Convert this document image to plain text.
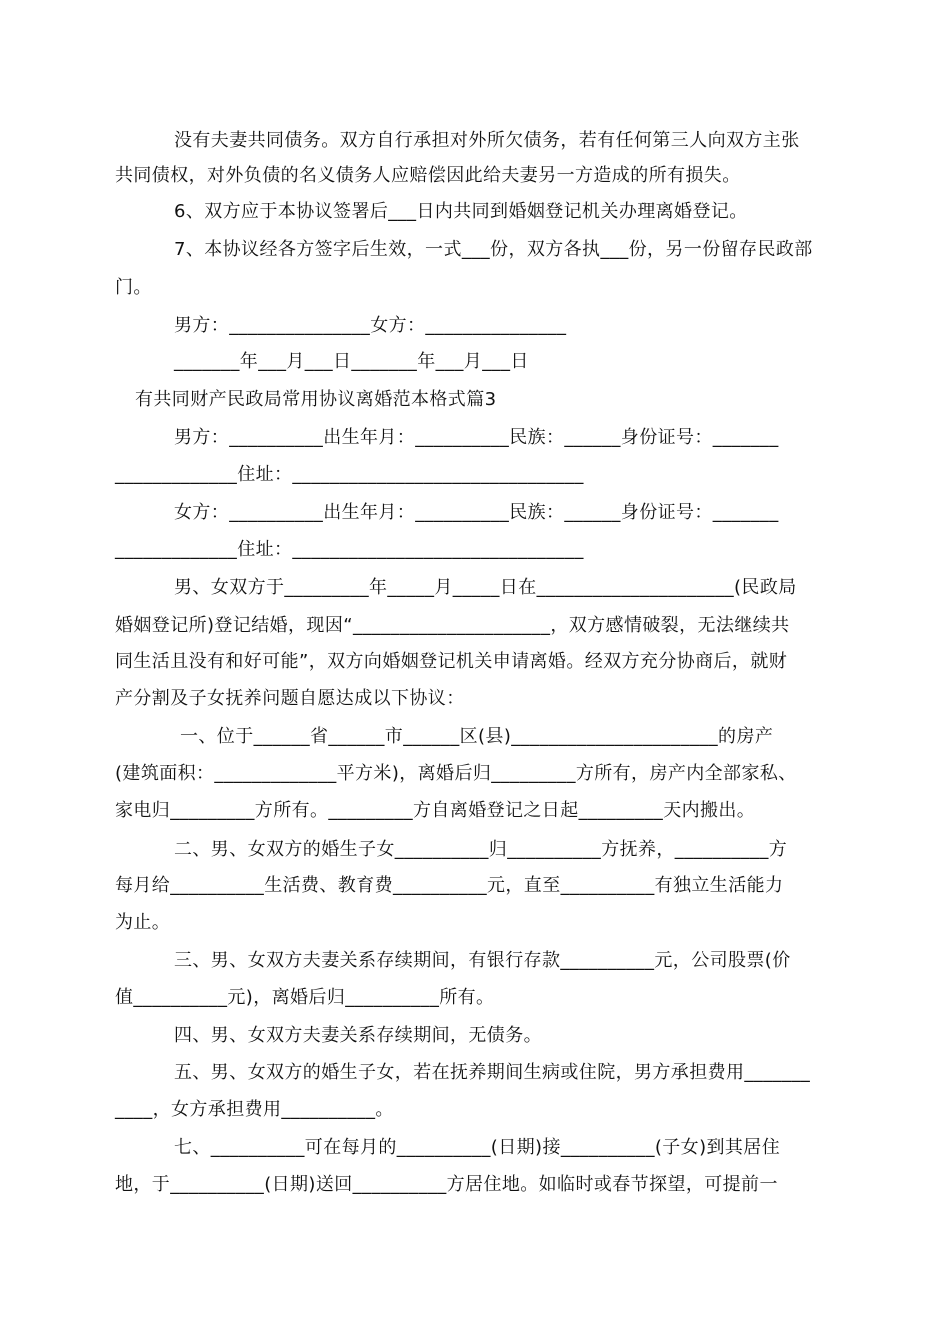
没有夫妻共同债务。双方自行承担对外所欠债务，若有任何第三人向双方主张
共同债权，对外负债的名义债务人应赔偿因此给夫妻另一方造成的所有损失。
6、双方应于本协议签署后___日内共同到婚姻登记机关办理离婚登记。
7、本协议经各方签字后生效，一式___份，双方各执___份，另一份留存民政部
门。
男方：_______________女方：_______________
_______年___月___日_______年___月___日
有共同财产民政局常用协议离婚范本格式篇3
男方：__________出生年月：__________民族：______身份证号：_______
_____________住址：_______________________________
女方：__________出生年月：__________民族：______身份证号：_______
_____________住址：_______________________________
男、女双方于_________年_____月_____日在_____________________(民政局
婚姻登记所)登记结婚，现因“_____________________，双方感情破裂，无法继续共
同生活且没有和好可能”，双方向婚姻登记机关申请离婚。经双方充分协商后，就财
产分割及子女抚养问题自愿达成以下协议：
一、位于______省______市______区(县)______________________的房产
(建筑面积：_____________平方米)，离婚后归_________方所有，房产内全部家私、
家电归_________方所有。_________方自离婚登记之日起_________天内搬出。
二、男、女双方的婚生子女__________归__________方抚养，__________方
每月给__________生活费、教育费__________元，直至__________有独立生活能力
为止。
三、男、女双方夫妻关系存续期间，有银行存款__________元，公司股票(价
值__________元)，离婚后归__________所有。
四、男、女双方夫妻关系存续期间，无债务。
五、男、女双方的婚生子女，若在抚养期间生病或住院，男方承担费用_______
____，女方承担费用__________。
七、__________可在每月的__________(日期)接__________(子女)到其居住
地，于__________(日期)送回__________方居住地。如临时或春节探望，可提前一
